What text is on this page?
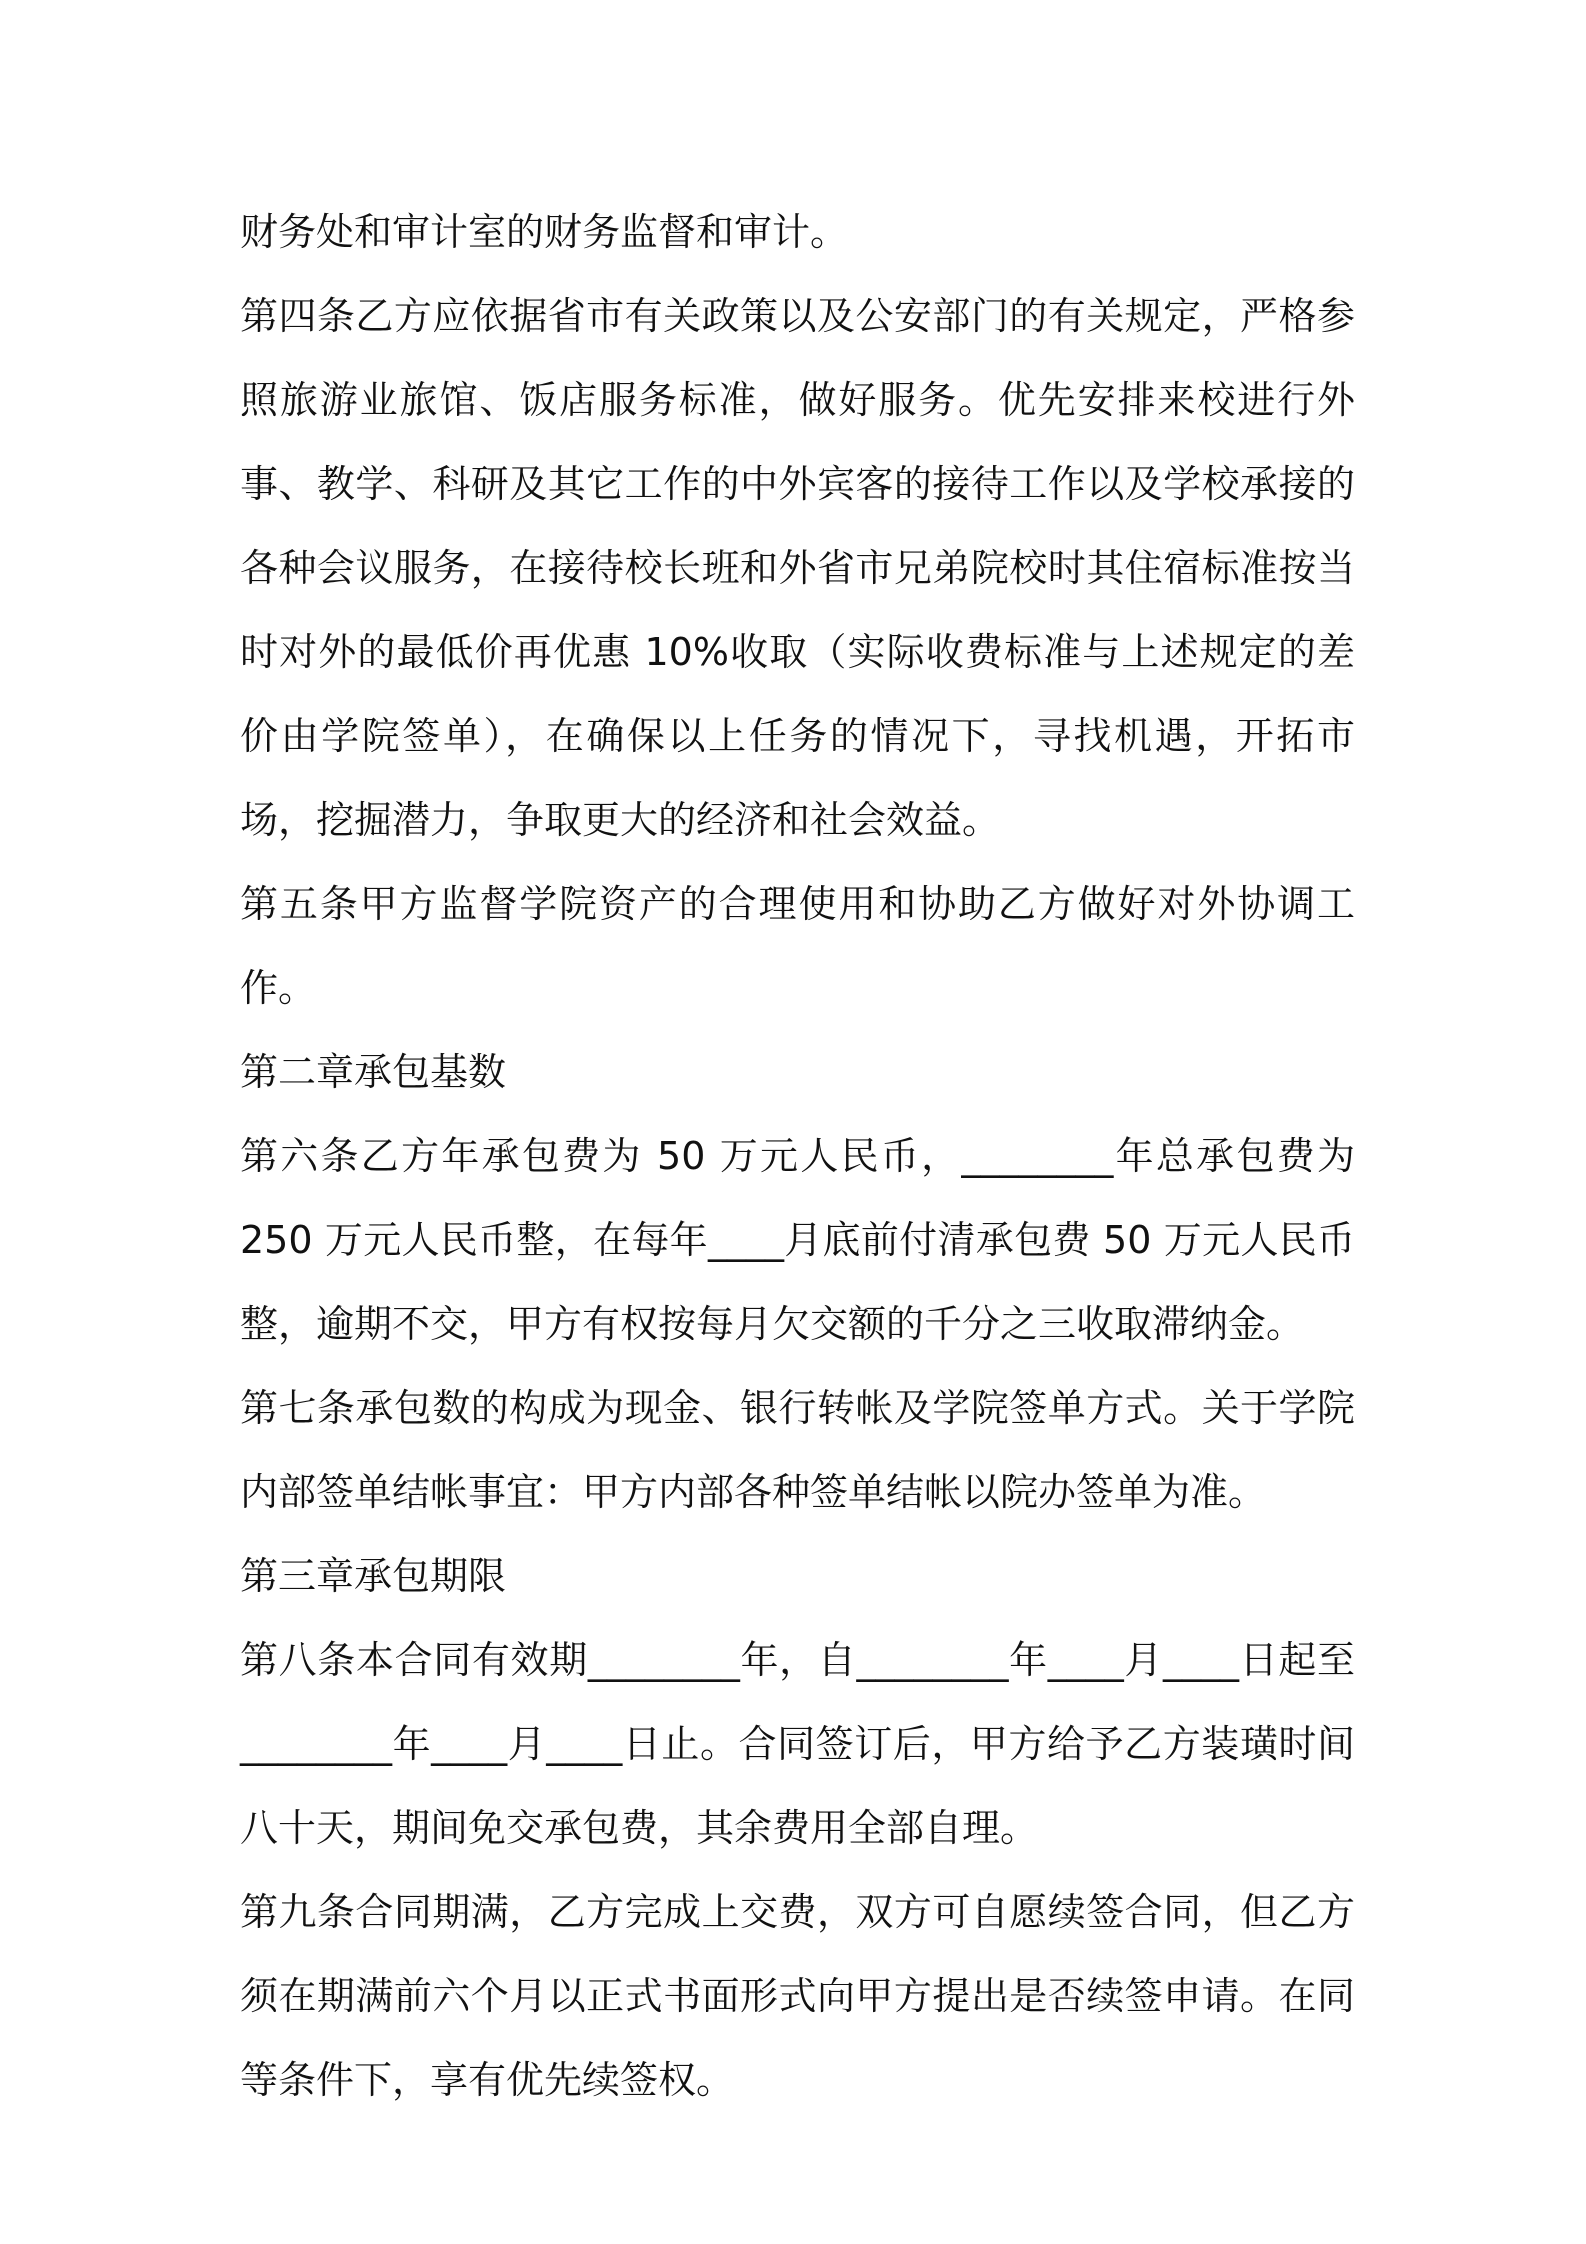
财务处和审计室的财务监督和审计。

第四条乙方应依据省市有关政策以及公安部门的有关规定，严格参照旅游业旅馆、饭店服务标准，做好服务。优先安排来校进行外事、教学、科研及其它工作的中外宾客的接待工作以及学校承接的各种会议服务，在接待校长班和外省市兄弟院校时其住宿标准按当时对外的最低价再优惠 10%收取（实际收费标准与上述规定的差价由学院签单），在确保以上任务的情况下，寻找机遇，开拓市场，挖掘潜力，争取更大的经济和社会效益。

第五条甲方监督学院资产的合理使用和协助乙方做好对外协调工作。

第二章承包基数

第六条乙方年承包费为 50 万元人民币，________年总承包费为 250 万元人民币整，在每年____月底前付清承包费 50 万元人民币整，逾期不交，甲方有权按每月欠交额的千分之三收取滞纳金。

第七条承包数的构成为现金、银行转帐及学院签单方式。关于学院内部签单结帐事宜：甲方内部各种签单结帐以院办签单为准。

第三章承包期限

第八条本合同有效期________年，自________年____月____日起至________年____月____日止。合同签订后，甲方给予乙方装璜时间八十天，期间免交承包费，其余费用全部自理。

第九条合同期满，乙方完成上交费，双方可自愿续签合同，但乙方须在期满前六个月以正式书面形式向甲方提出是否续签申请。在同等条件下，享有优先续签权。
